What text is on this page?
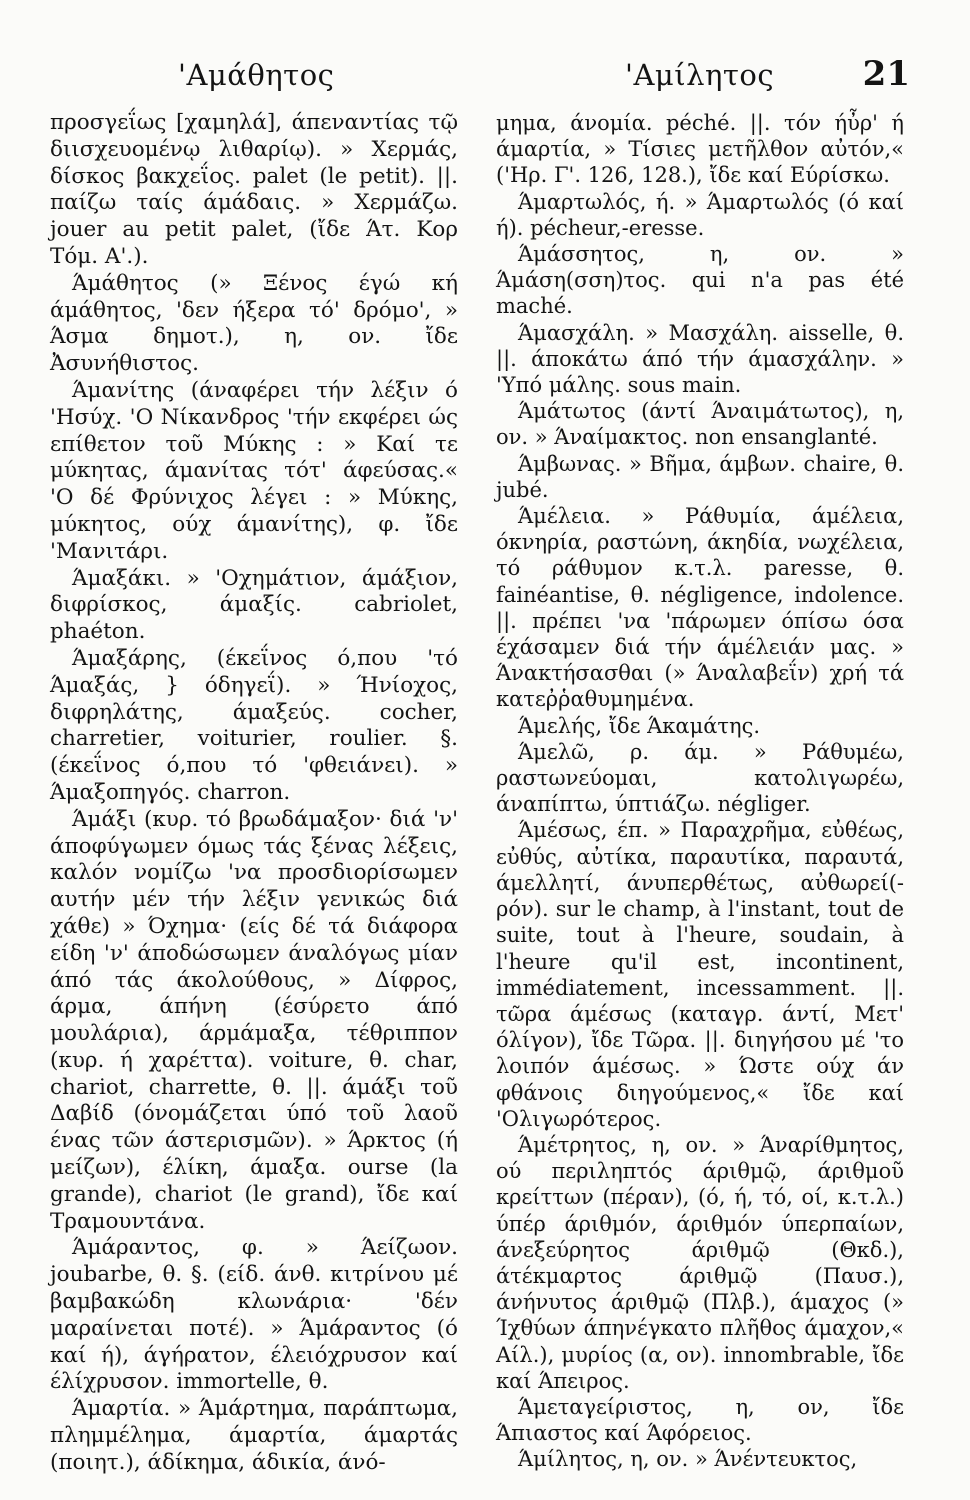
'Αμάθητος	'Αμίλητος	21

προσγεΐως [χαμηλά], άπεναντίας τῷ διισχευομένῳ λιθαρίῳ). » Χερμάς, δίσκος βακχεΐος. palet (le petit). ||. παίζω ταίς άμάδαις. » Χερμάζω. jouer au petit palet, (ἴδε Άτ. Κορ Τόμ. Α'.).

Άμάθητος (» Ξένος έγώ κή άμάθητος, 'δεν ήξερα τό' δρόμο', » Άσμα δημοτ.), η, ον. ἴδε Ἀσυνήθιστος.

Άμανίτης (άναφέρει τήν λέξιν ό 'Ησύχ. 'Ο Νίκανδρος 'τήν εκφέρει ώς επίθετον τοῦ Μύκης : » Καί τε μύκητας, άμανίτας τότ' άφεύσας.« 'Ο δέ Φρύνιχος λέγει : » Μύκης, μύκητος, ούχ άμανίτης), φ. ἴδε 'Μανιτάρι.

Άμαξάκι. » 'Οχημάτιον, άμάξιον, διφρίσκος, άμαξίς. cabriolet, phaéton.

Άμαξάρης, (έκεΐνος ό,που 'τό Άμαξάς, } όδηγεΐ). » Ήνίοχος, διφρηλάτης, άμαξεύς. cocher, charretier, voiturier, roulier. §. (έκεΐνος ό,που τό 'φθειάνει). » Άμαξοπηγός. charron.

Άμάξι (κυρ. τό βρωδάμαξον· διά 'ν' άποφύγωμεν όμως τάς ξένας λέξεις, καλόν νομίζω 'να προσδιορίσωμεν αυτήν μέν τήν λέξιν γενικώς διά χάθε) » Όχημα· (είς δέ τά διάφορα είδη 'ν' άποδώσωμεν άναλόγως μίαν άπό τάς άκολούθους, » Δίφρος, άρμα, άπήνη (έσύρετο άπό μουλάρια), άρμάμαξα, τέθριππον (κυρ. ή χαρέττα). voiture, θ. char, chariot, charrette, θ. ||. άμάξι τοῦ Δαβίδ (όνομάζεται ύπό τοῦ λαοῦ ένας τῶν άστερισμῶν). » Άρκτος (ή μείζων), έλίκη, άμαξα. ourse (la grande), chariot (le grand), ἴδε καί Τραμουντάνα.

Άμάραντος, φ. » Άείζωον. joubarbe, θ. §. (είδ. άνθ. κιτρίνου μέ βαμβακώδη κλωνάρια· 'δέν μαραίνεται ποτέ). » Άμάραντος (ό καί ή), άγήρατον, έλειόχρυσον καί έλίχρυσον. immortelle, θ.

Άμαρτία. » Άμάρτημα, παράπτωμα, πλημμέλημα, άμαρτία, άμαρτάς (ποιητ.), άδίκημα, άδικία, άνό-

μημα, άνομία. péché. ||. τόν ήὖρ' ή άμαρτία, » Τίσιες μετῆλθον αὐτόν,« ('Ηρ. Γ'. 126, 128.), ἴδε καί Εύρίσκω.

Άμαρτωλός, ή. » Άμαρτωλός (ό καί ή). pécheur,-eresse.

Άμάσσητος, η, ον. » Άμάση(σση)τος. qui n'a pas été maché.

Άμασχάλη. » Μασχάλη. aisselle, θ. ||. άποκάτω άπό τήν άμασχάλην. » 'Υπό μάλης. sous main.

Άμάτωτος (άντί Άναιμάτωτος), η, ον. » Άναίμακτος. non ensanglanté.

Άμβωνας. » Βῆμα, άμβων. chaire, θ. jubé.

Άμέλεια. » Ράθυμία, άμέλεια, όκνηρία, ραστώνη, άκηδία, νωχέλεια, τό ράθυμον κ.τ.λ. paresse, θ. fainéantise, θ. négligence, indolence. ||. πρέπει 'να 'πάρωμεν όπίσω όσα έχάσαμεν διά τήν άμέλειάν μας. » Άνακτήσασθαι (» Άναλαβεΐν) χρή τά κατεῤῥαθυμημένα.

Άμελής, ἴδε Άκαμάτης.

Άμελῶ, ρ. άμ. » Ράθυμέω, ραστωνεύομαι, κατολιγωρέω, άναπίπτω, ύπτιάζω. négliger.

Άμέσως, έπ. » Παραχρῆμα, εὐθέως, εὐθύς, αὐτίκα, παραυτίκα, παραυτά, άμελλητί, άνυπερθέτως, αὐθωρεί(-ρόν). sur le champ, à l'instant, tout de suite, tout à l'heure, soudain, à l'heure qu'il est, incontinent, immédiatement, incessamment. ||. τῶρα άμέσως (καταγρ. άντί, Μετ' όλίγον), ἴδε Τῶρα. ||. διηγήσου μέ 'το λοιπόν άμέσως. » Ώστε ούχ άν φθάνοις διηγούμενος,« ἴδε καί 'Ολιγωρότερος.

Άμέτρητος, η, ον. » Άναρίθμητος, ού περιληπτός άριθμῷ, άριθμοῦ κρείττων (πέραν), (ό, ή, τό, οί, κ.τ.λ.) ύπέρ άριθμόν, άριθμόν ύπερπαίων, άνεξεύρητος άριθμῷ (Θκδ.), άτέκμαρτος άριθμῷ (Παυσ.), άνήνυτος άριθμῷ (Πλβ.), άμαχος (» Ίχθύων άπηνέγκατο πλῆθος άμαχον,« Αίλ.), μυρίος (α, ον). innombrable, ἴδε καί Άπειρος.

Άμεταγείριστος, η, ον, ἴδε Άπιαστος καί Άφόρειος.

Άμίλητος, η, ον. » Άνέντευκτος,
